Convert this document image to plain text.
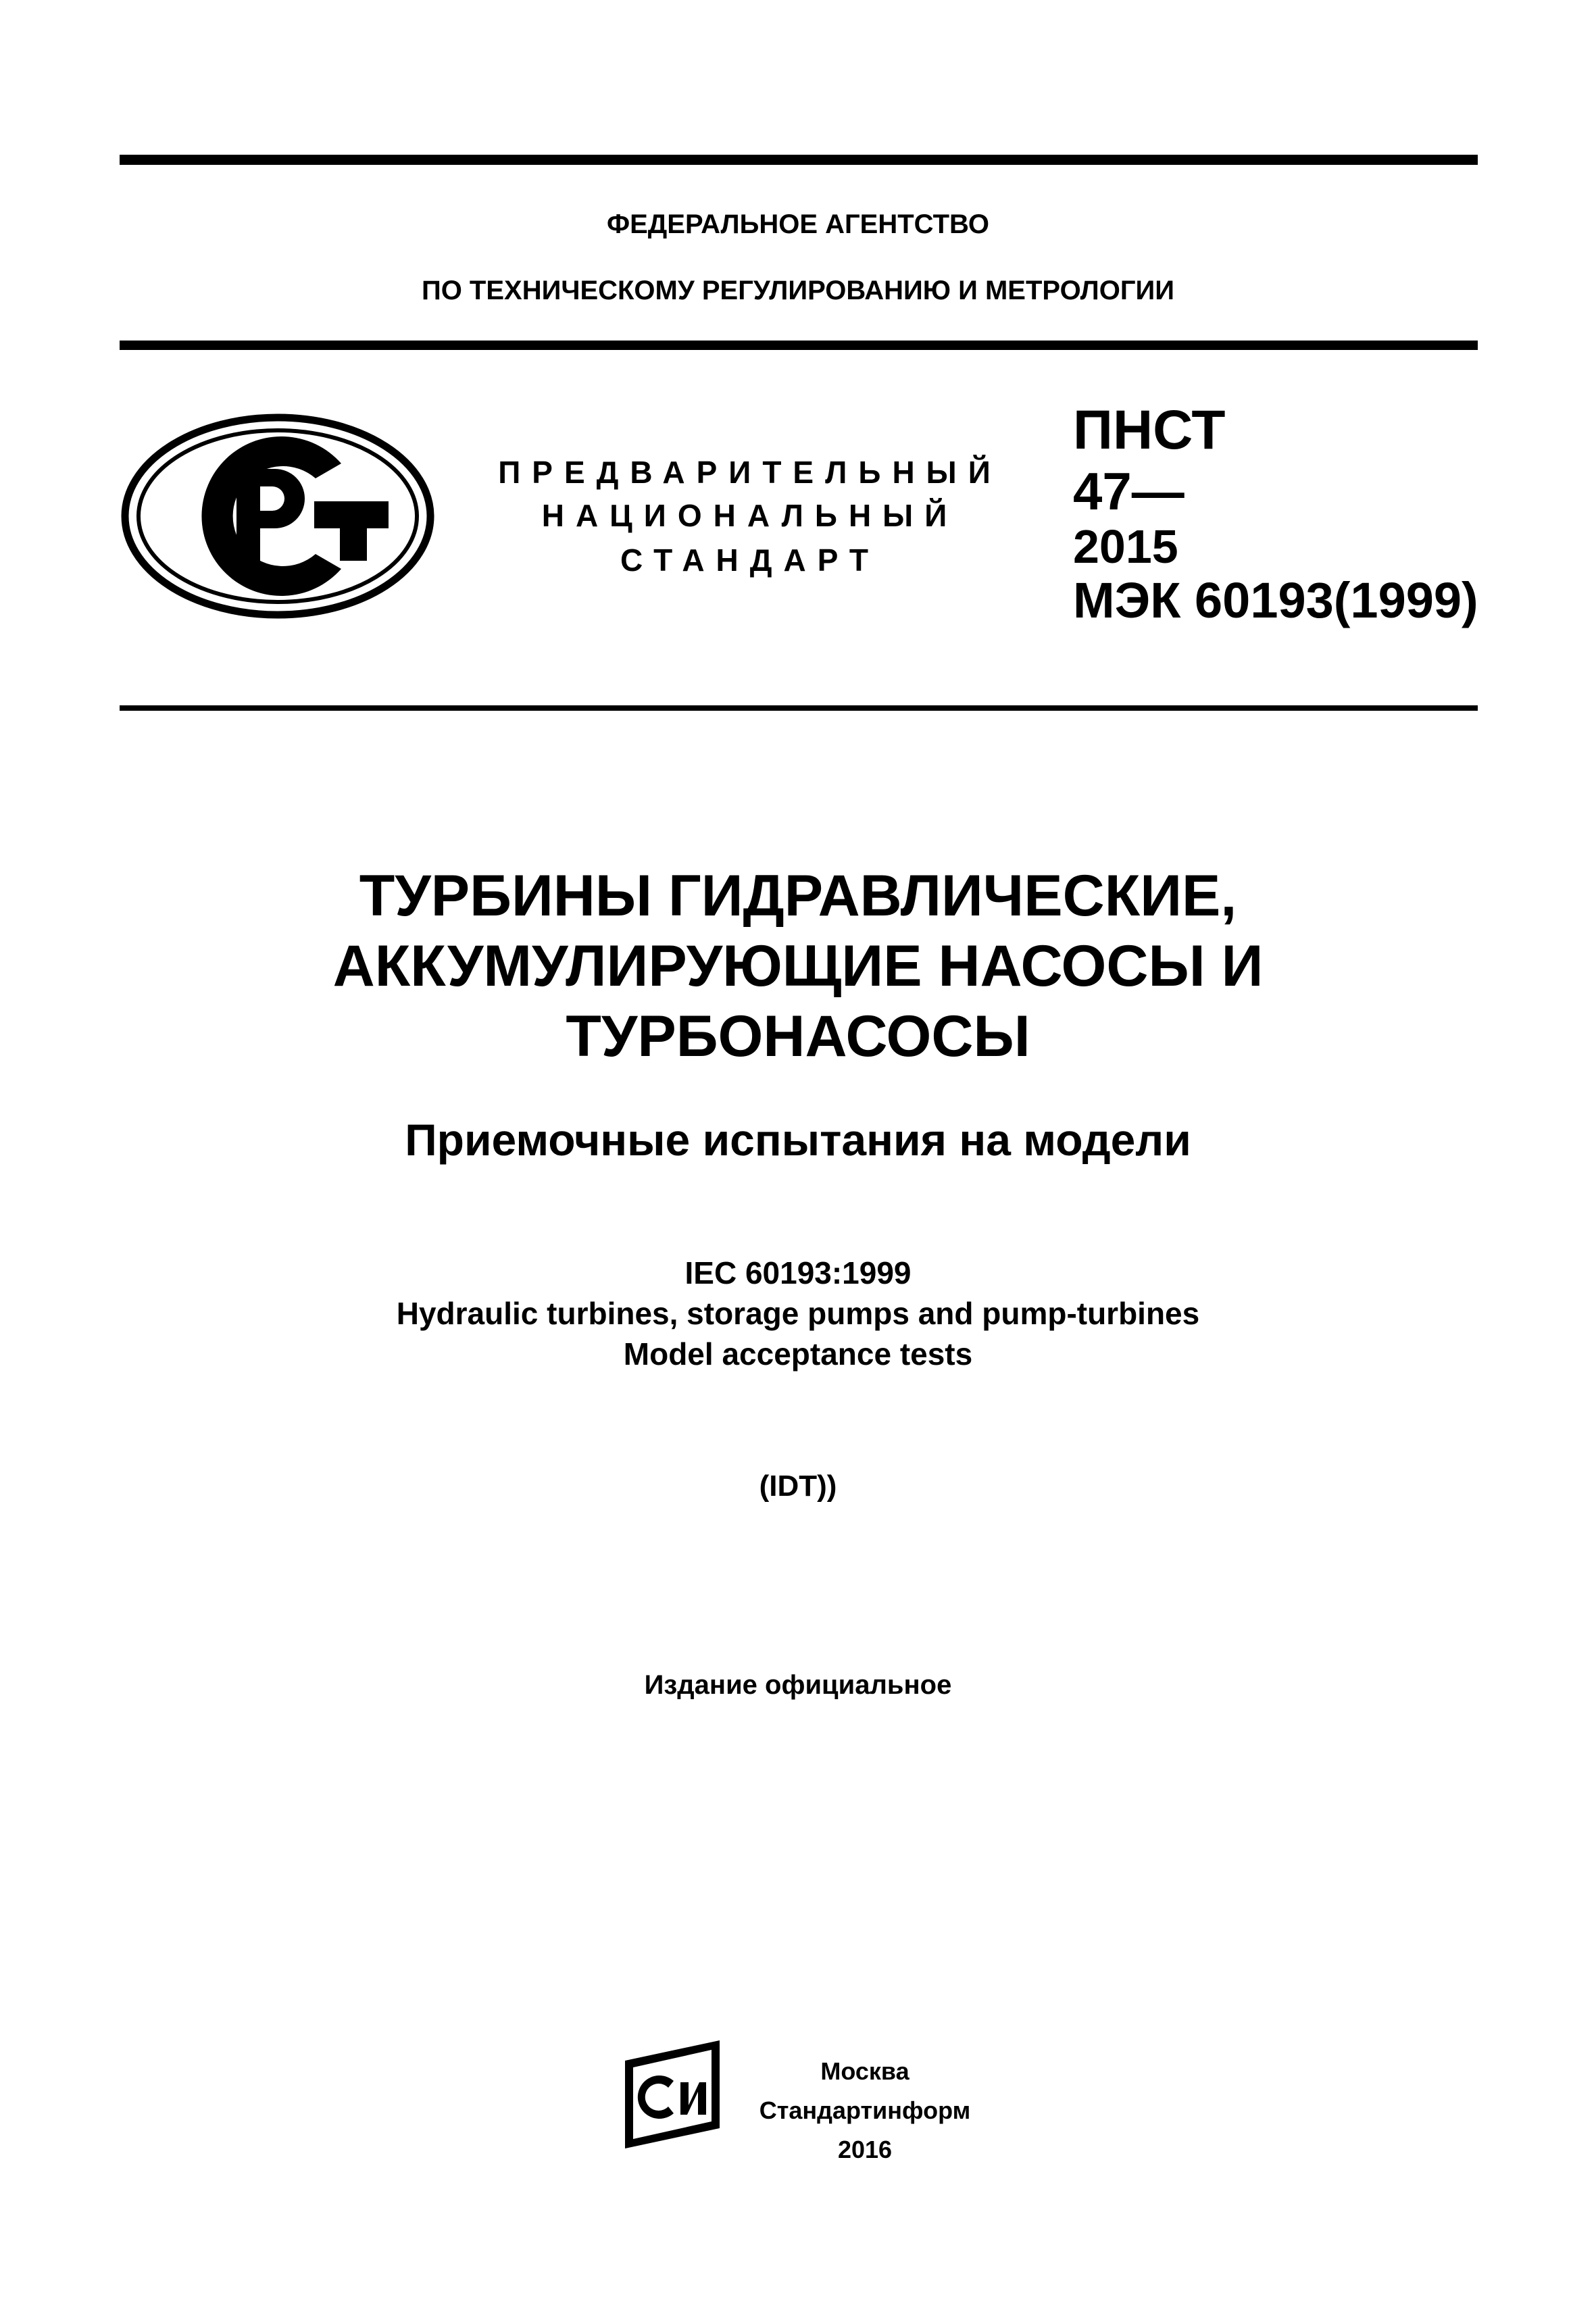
ФЕДЕРАЛЬНОЕ АГЕНТСТВО
ПО ТЕХНИЧЕСКОМУ РЕГУЛИРОВАНИЮ И МЕТРОЛОГИИ
ПРЕДВАРИТЕЛЬНЫЙ
НАЦИОНАЛЬНЫЙ
СТАНДАРТ
ПНСТ
47—
2015
МЭК 60193(1999)
ТУРБИНЫ ГИДРАВЛИЧЕСКИЕ,
АККУМУЛИРУЮЩИЕ НАСОСЫ И
ТУРБОНАСОСЫ
Приемочные испытания на модели
IEC 60193:1999
Hydraulic turbines, storage pumps and pump-turbines
Model acceptance tests
(IDT))
Издание официальное
Москва
Стандартинформ
2016
